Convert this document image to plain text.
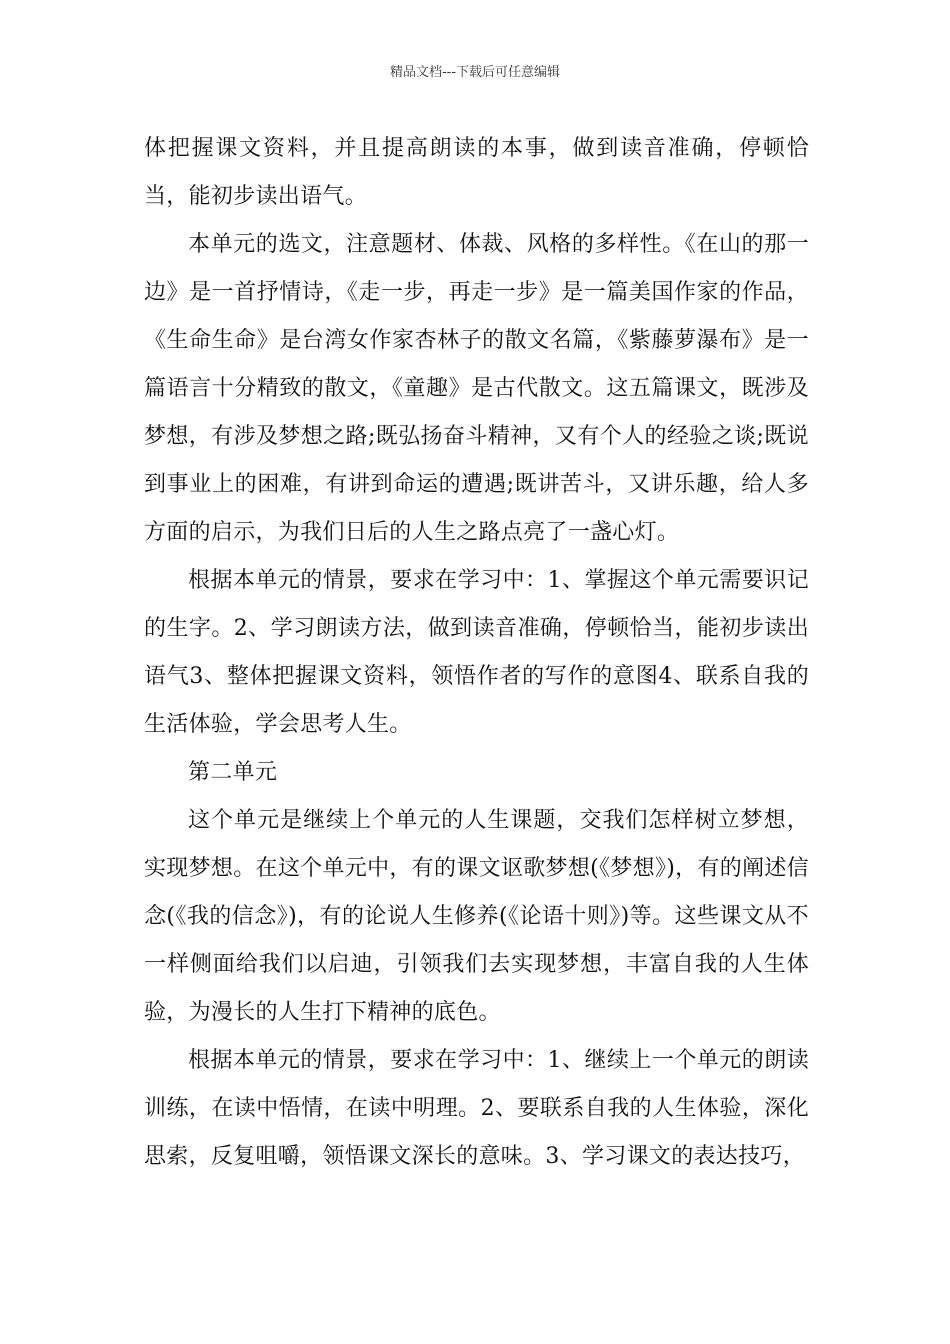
精品文档---下载后可任意编辑

体把握课文资料，并且提高朗读的本事，做到读音准确，停顿恰当，能初步读出语气。

本单元的选文，注意题材、体裁、风格的多样性。《在山的那一边》是一首抒情诗，《走一步，再走一步》是一篇美国作家的作品，《生命生命》是台湾女作家杏林子的散文名篇，《紫藤萝瀑布》是一篇语言十分精致的散文，《童趣》是古代散文。这五篇课文，既涉及梦想，有涉及梦想之路;既弘扬奋斗精神，又有个人的经验之谈;既说到事业上的困难，有讲到命运的遭遇;既讲苦斗，又讲乐趣，给人多方面的启示，为我们日后的人生之路点亮了一盏心灯。

根据本单元的情景，要求在学习中：1、掌握这个单元需要识记的生字。2、学习朗读方法，做到读音准确，停顿恰当，能初步读出语气3、整体把握课文资料，领悟作者的写作的意图4、联系自我的生活体验，学会思考人生。

第二单元

这个单元是继续上个单元的人生课题，交我们怎样树立梦想，实现梦想。在这个单元中，有的课文讴歌梦想(《梦想》)，有的阐述信念(《我的信念》)，有的论说人生修养(《论语十则》)等。这些课文从不一样侧面给我们以启迪，引领我们去实现梦想，丰富自我的人生体验，为漫长的人生打下精神的底色。

根据本单元的情景，要求在学习中：1、继续上一个单元的朗读训练，在读中悟情，在读中明理。2、要联系自我的人生体验，深化思索，反复咀嚼，领悟课文深长的意味。3、学习课文的表达技巧，
